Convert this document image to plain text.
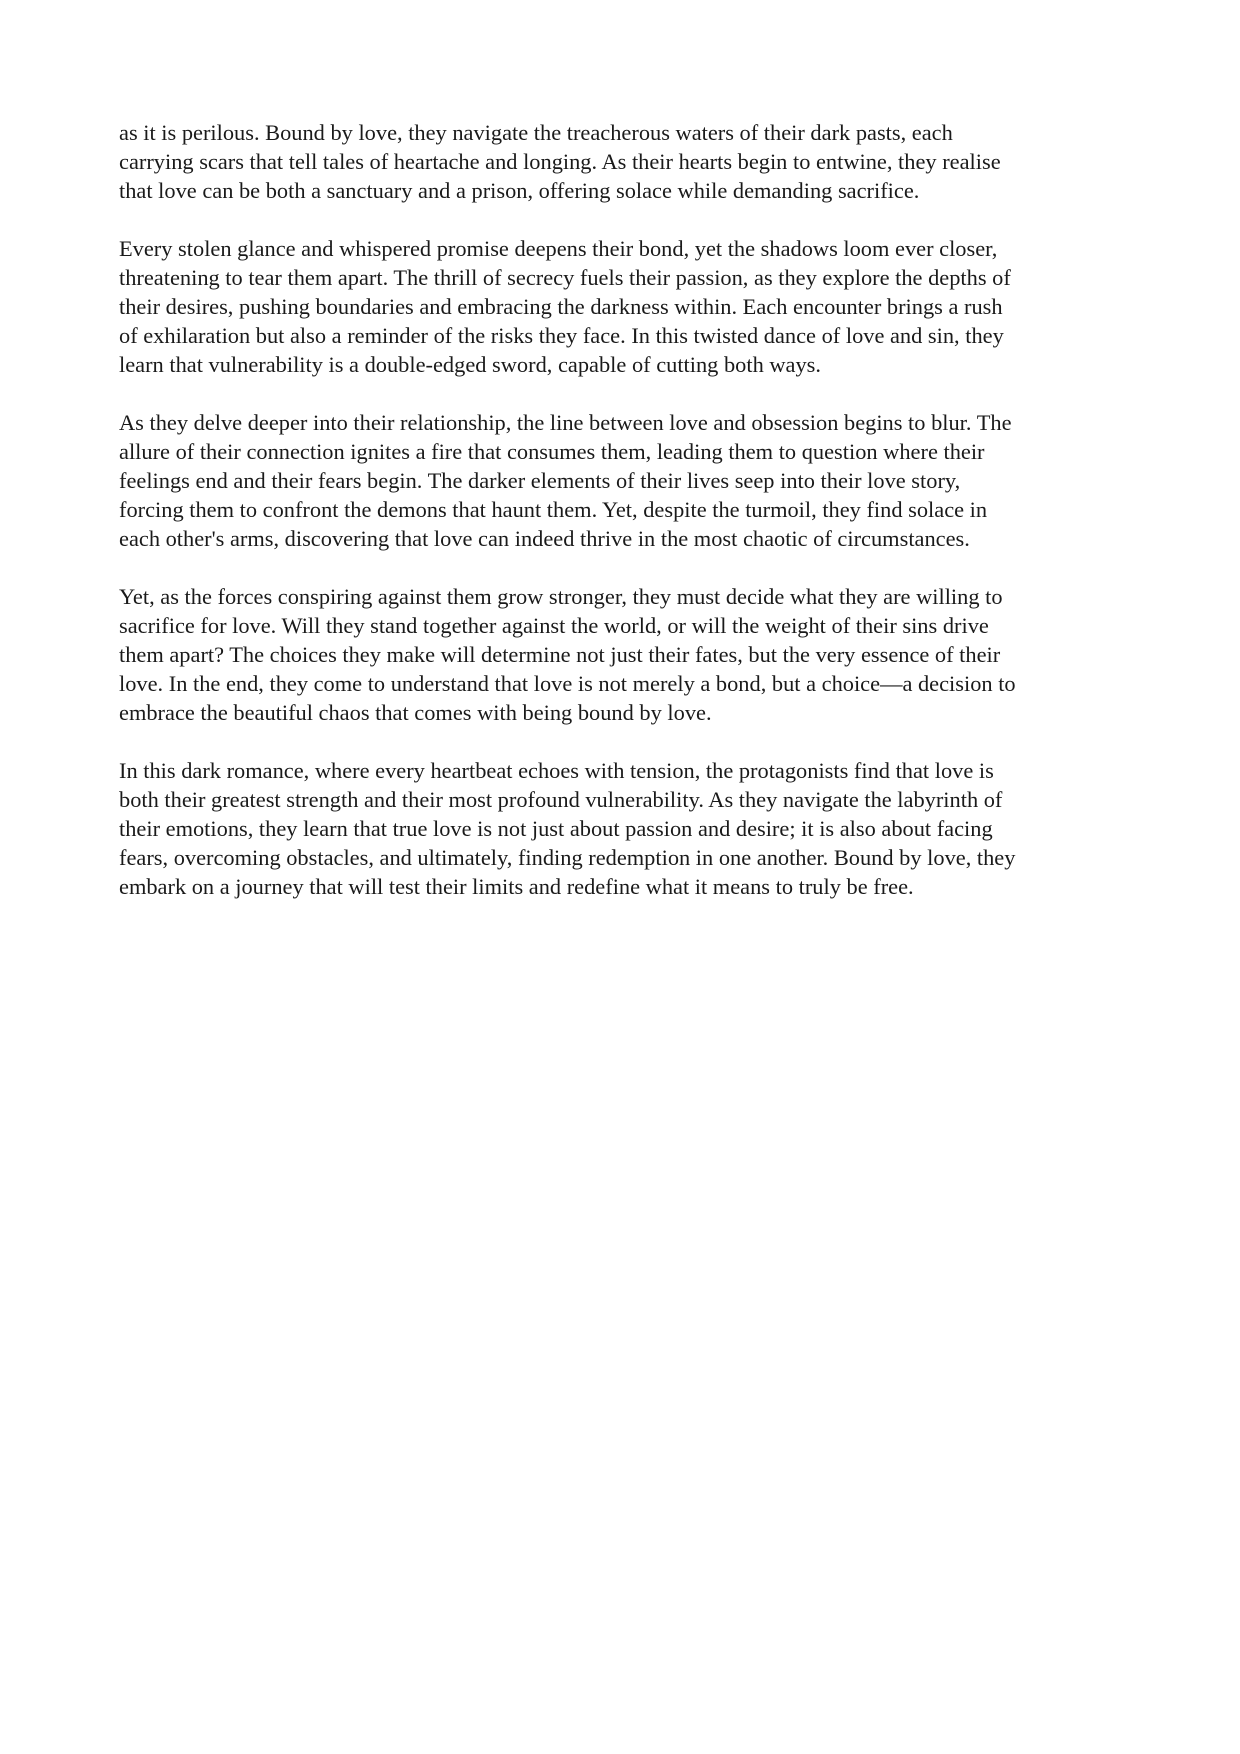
as it is perilous. Bound by love, they navigate the treacherous waters of their dark pasts, each
carrying scars that tell tales of heartache and longing. As their hearts begin to entwine, they realise
that love can be both a sanctuary and a prison, offering solace while demanding sacrifice.
Every stolen glance and whispered promise deepens their bond, yet the shadows loom ever closer,
threatening to tear them apart. The thrill of secrecy fuels their passion, as they explore the depths of
their desires, pushing boundaries and embracing the darkness within. Each encounter brings a rush
of exhilaration but also a reminder of the risks they face. In this twisted dance of love and sin, they
learn that vulnerability is a double-edged sword, capable of cutting both ways.
As they delve deeper into their relationship, the line between love and obsession begins to blur. The
allure of their connection ignites a fire that consumes them, leading them to question where their
feelings end and their fears begin. The darker elements of their lives seep into their love story,
forcing them to confront the demons that haunt them. Yet, despite the turmoil, they find solace in
each other's arms, discovering that love can indeed thrive in the most chaotic of circumstances.
Yet, as the forces conspiring against them grow stronger, they must decide what they are willing to
sacrifice for love. Will they stand together against the world, or will the weight of their sins drive
them apart? The choices they make will determine not just their fates, but the very essence of their
love. In the end, they come to understand that love is not merely a bond, but a choice—a decision to
embrace the beautiful chaos that comes with being bound by love.
In this dark romance, where every heartbeat echoes with tension, the protagonists find that love is
both their greatest strength and their most profound vulnerability. As they navigate the labyrinth of
their emotions, they learn that true love is not just about passion and desire; it is also about facing
fears, overcoming obstacles, and ultimately, finding redemption in one another. Bound by love, they
embark on a journey that will test their limits and redefine what it means to truly be free.
